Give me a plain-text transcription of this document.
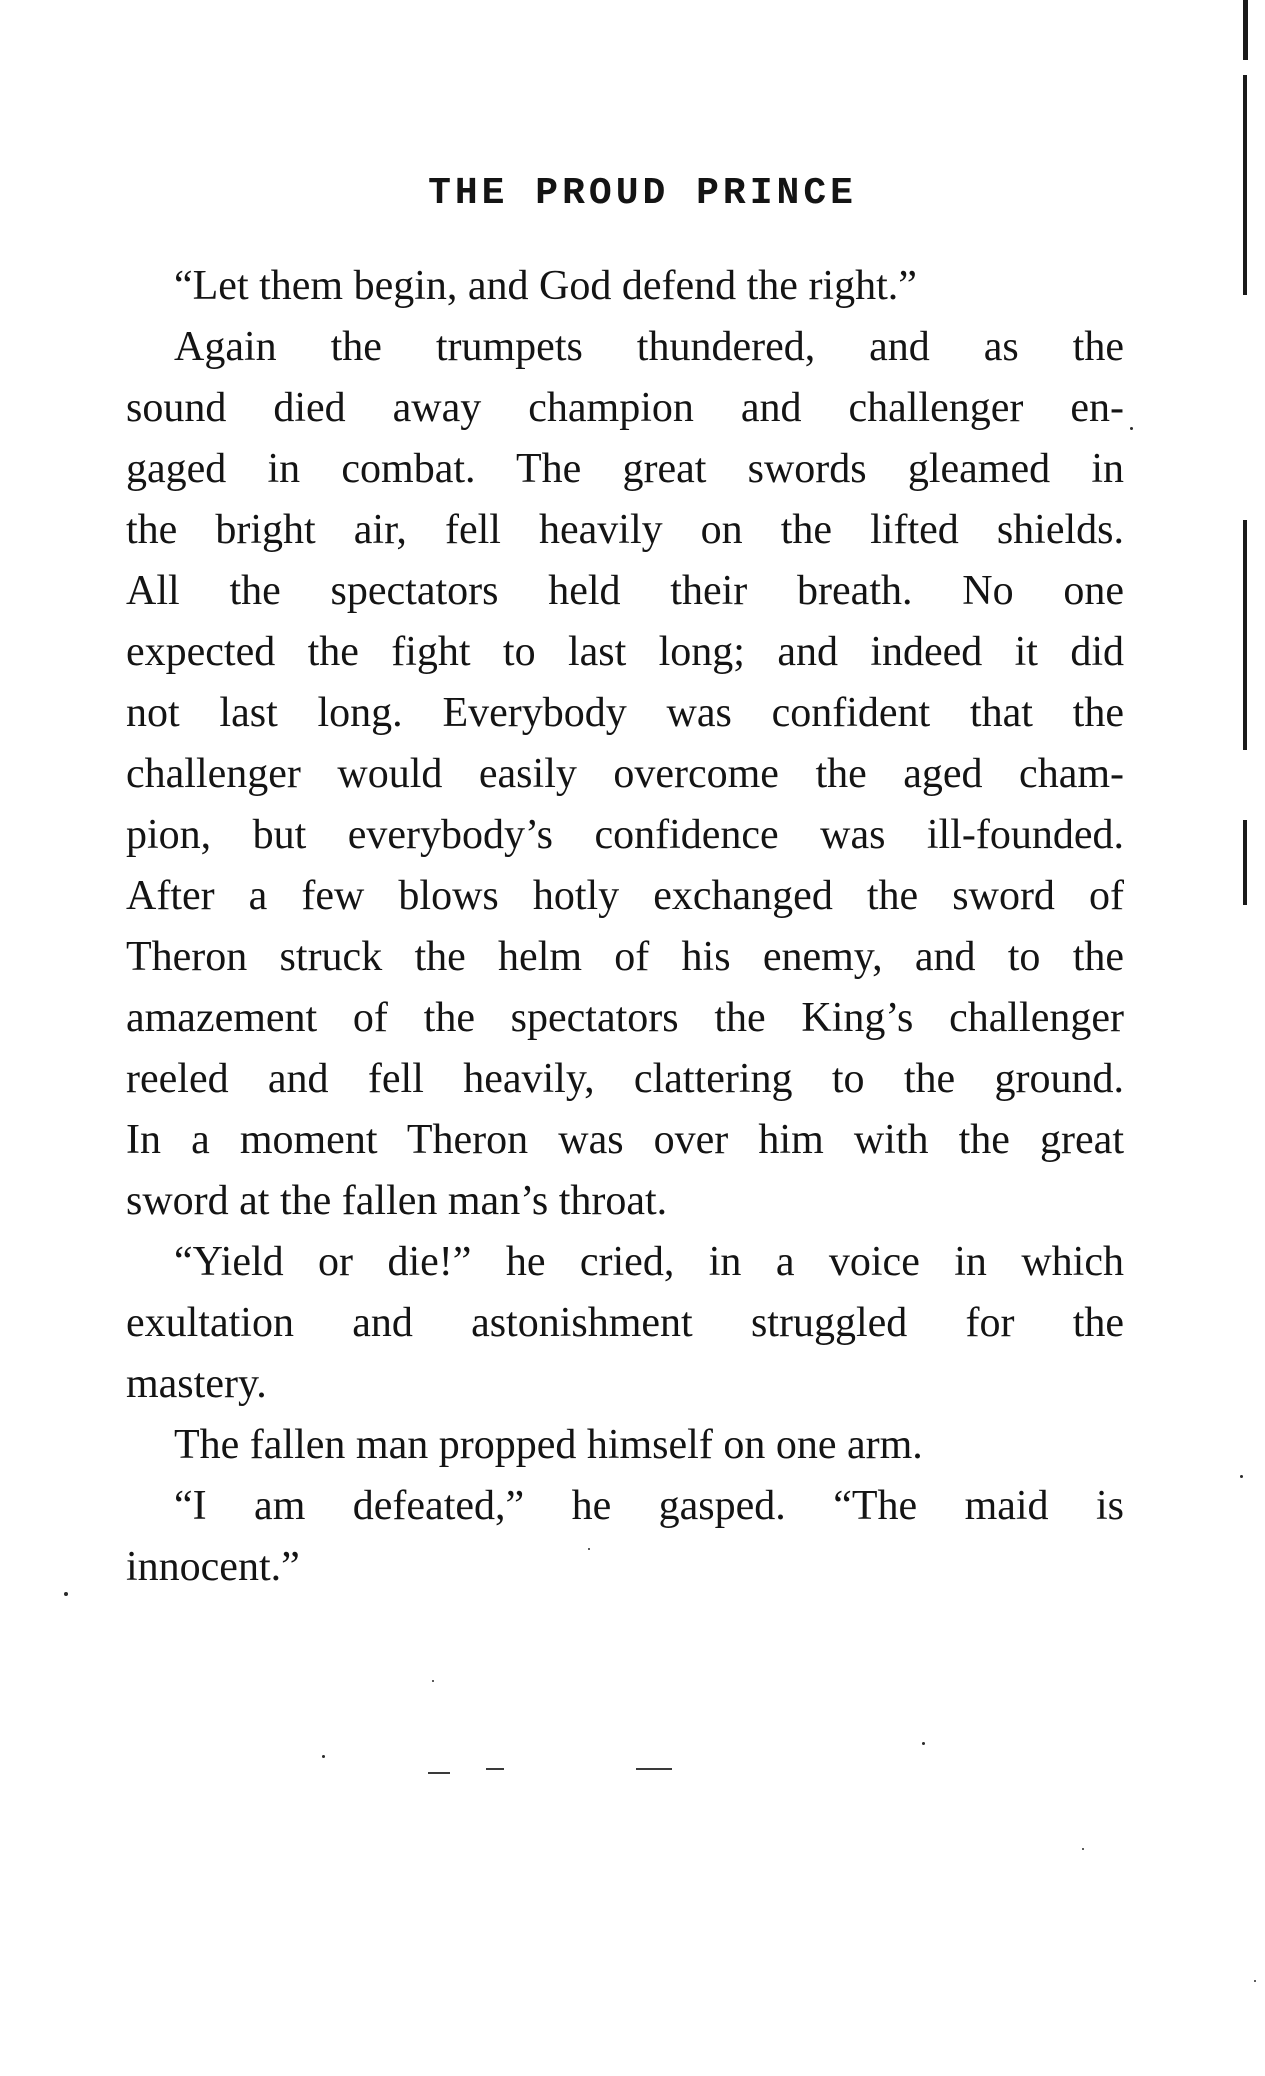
THE PROUD PRINCE
“Let them begin, and God defend the right.”
Again the trumpets thundered, and as the
sound died away champion and challenger en-
gaged in combat. The great swords gleamed in
the bright air, fell heavily on the lifted shields.
All the spectators held their breath. No one
expected the fight to last long; and indeed it did
not last long. Everybody was confident that the
challenger would easily overcome the aged cham-
pion, but everybody’s confidence was ill-founded.
After a few blows hotly exchanged the sword of
Theron struck the helm of his enemy, and to the
amazement of the spectators the King’s challenger
reeled and fell heavily, clattering to the ground.
In a moment Theron was over him with the great
sword at the fallen man’s throat.
“Yield or die!” he cried, in a voice in which
exultation and astonishment struggled for the
mastery.
The fallen man propped himself on one arm.
“I am defeated,” he gasped. “The maid is
innocent.”
